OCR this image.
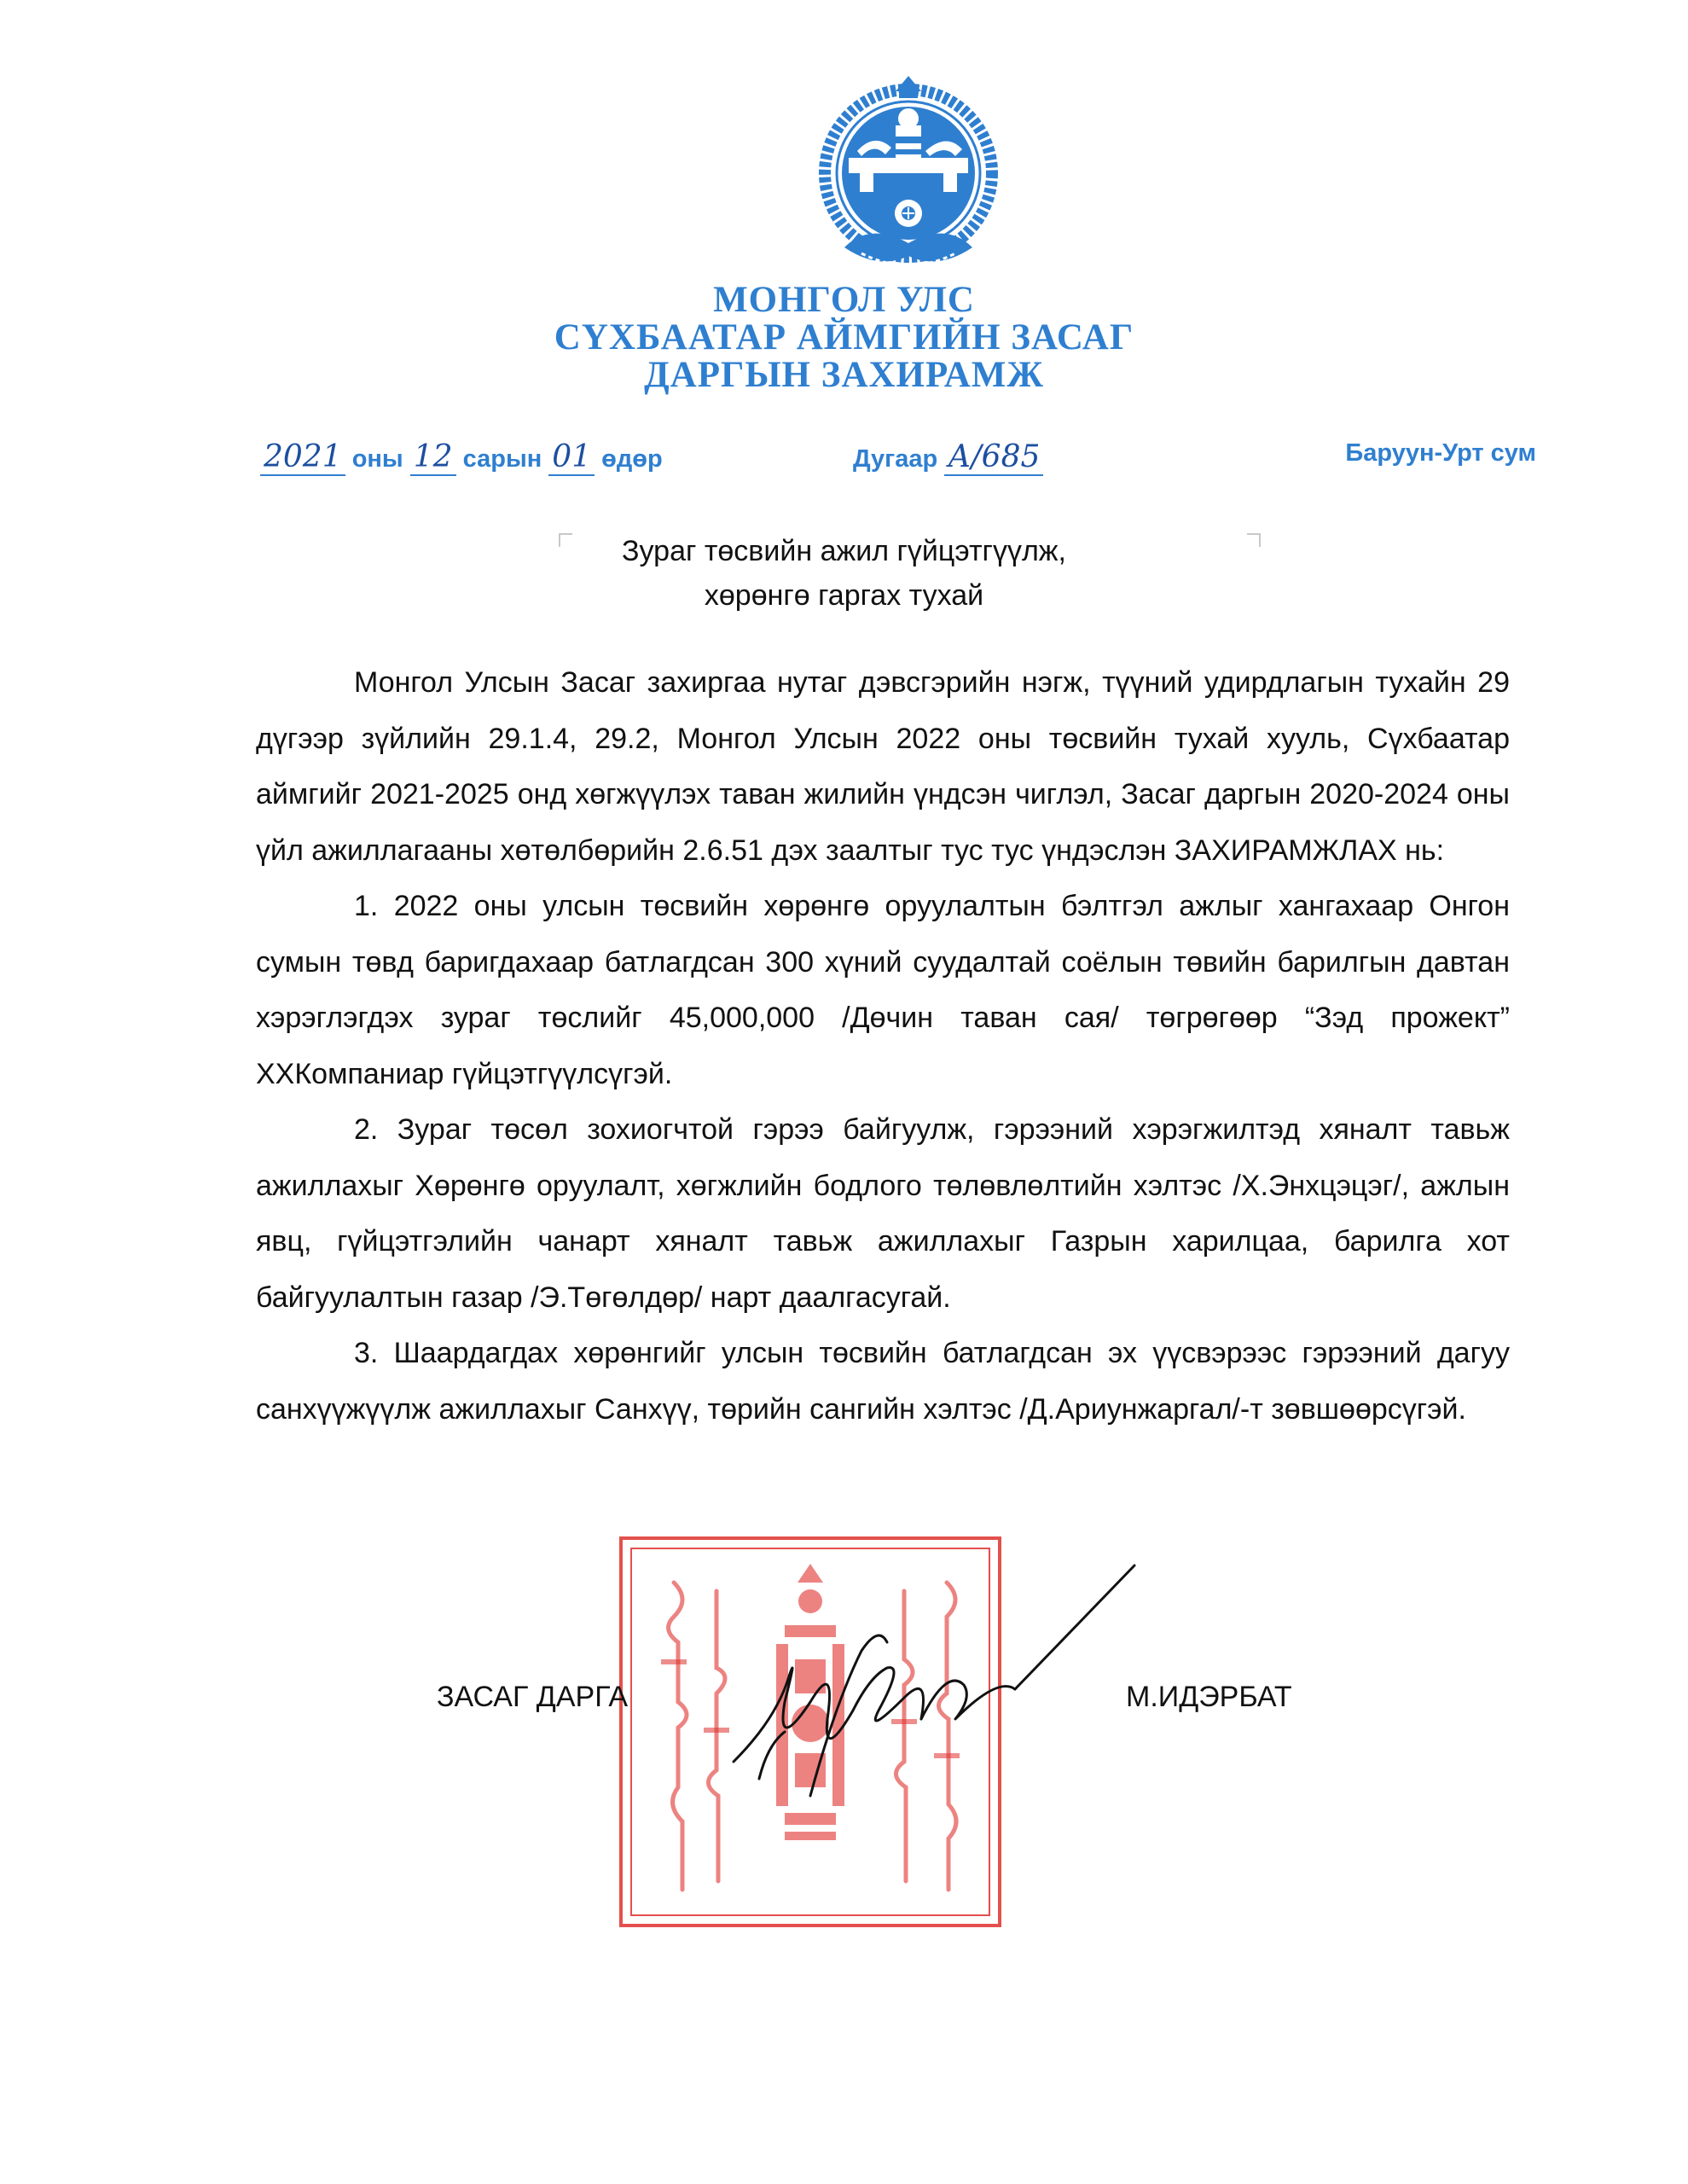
МОНГОЛ УЛС
СҮХБААТАР АЙМГИЙН ЗАСАГ
ДАРГЫН ЗАХИРАМЖ
2021 оны 12 сарын 01 өдөр	Дугаар А/685	Баруун-Урт сум
Зураг төсвийн ажил гүйцэтгүүлж,
хөрөнгө гаргах тухай

Монгол Улсын Засаг захиргаа нутаг дэвсгэрийн нэгж, түүний удирдлагын тухайн 29 дүгээр зүйлийн 29.1.4, 29.2, Монгол Улсын 2022 оны төсвийн тухай хууль, Сүхбаатар аймгийг 2021-2025 онд хөгжүүлэх таван жилийн үндсэн чиглэл, Засаг даргын 2020-2024 оны үйл ажиллагааны хөтөлбөрийн 2.6.51 дэх заалтыг тус тус үндэслэн ЗАХИРАМЖЛАХ нь:

1. 2022 оны улсын төсвийн хөрөнгө оруулалтын бэлтгэл ажлыг хангахаар Онгон сумын төвд баригдахаар батлагдсан 300 хүний суудалтай соёлын төвийн барилгын давтан хэрэглэгдэх зураг төслийг 45,000,000 /Дөчин таван сая/ төгрөгөөр “Зэд прожект” ХХКомпаниар гүйцэтгүүлсүгэй.

2. Зураг төсөл зохиогчтой гэрээ байгуулж, гэрээний хэрэгжилтэд хяналт тавьж ажиллахыг Хөрөнгө оруулалт, хөгжлийн бодлого төлөвлөлтийн хэлтэс /Х.Энхцэцэг/, ажлын явц, гүйцэтгэлийн чанарт хяналт тавьж ажиллахыг Газрын харилцаа, барилга хот байгуулалтын газар /Э.Төгөлдөр/ нарт даалгасугай.

3. Шаардагдах хөрөнгийг улсын төсвийн батлагдсан эх үүсвэрээс гэрээний дагуу санхүүжүүлж ажиллахыг Санхүү, төрийн сангийн хэлтэс /Д.Ариунжаргал/-т зөвшөөрсүгэй.

ЗАСАГ ДАРГА	М.ИДЭРБАТ
